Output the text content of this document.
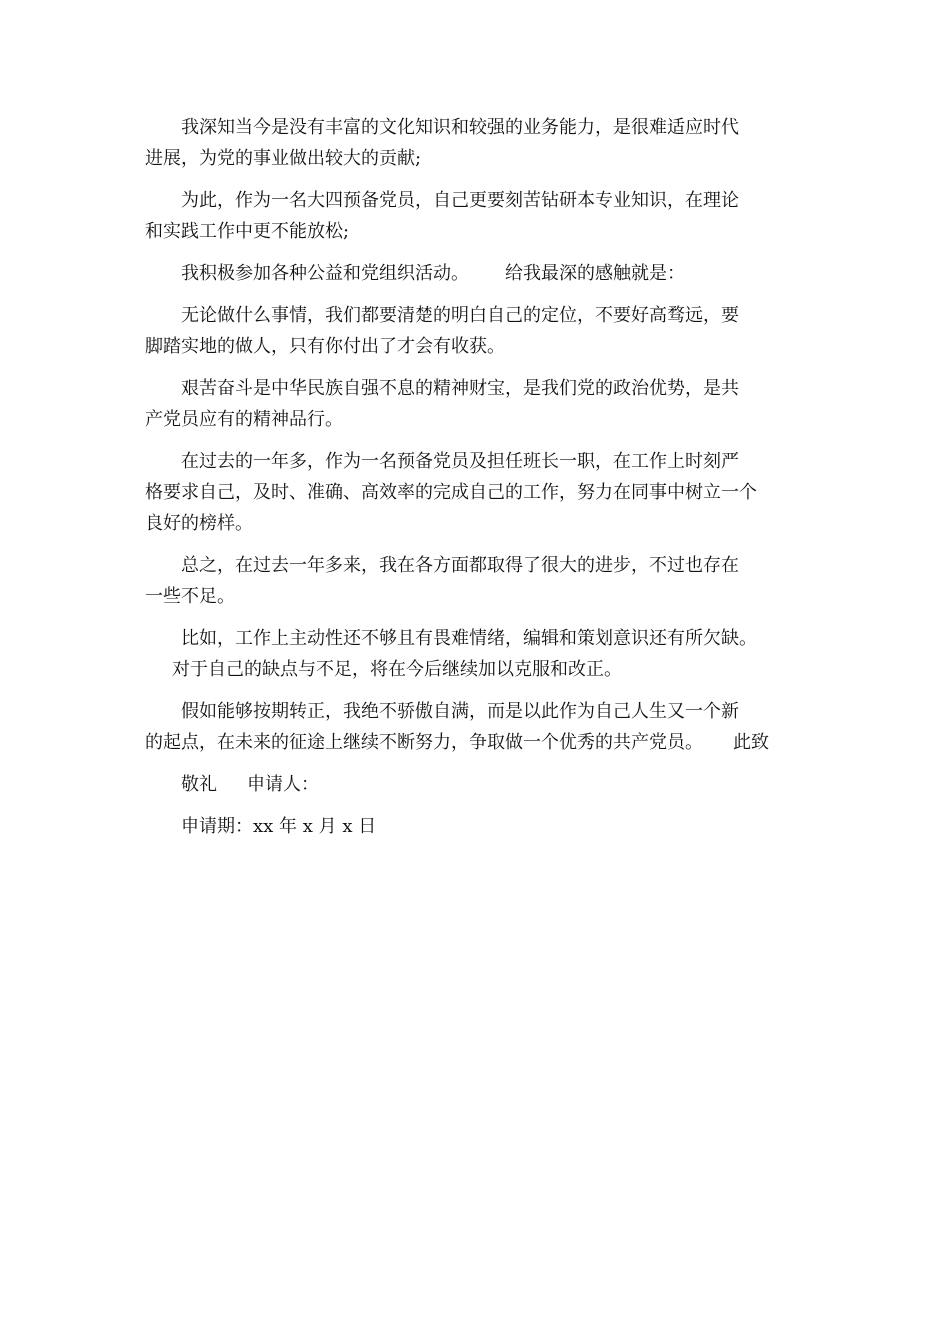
我深知当今是没有丰富的文化知识和较强的业务能力，是很难适应时代
进展，为党的事业做出较大的贡献;

为此，作为一名大四预备党员，自己更要刻苦钻研本专业知识，在理论
和实践工作中更不能放松;

我积极参加各种公益和党组织活动。 给我最深的感触就是：

无论做什么事情，我们都要清楚的明白自己的定位，不要好高骛远，要
脚踏实地的做人，只有你付出了才会有收获。

艰苦奋斗是中华民族自强不息的精神财宝，是我们党的政治优势，是共
产党员应有的精神品行。

在过去的一年多，作为一名预备党员及担任班长一职，在工作上时刻严
格要求自己，及时、准确、高效率的完成自己的工作，努力在同事中树立一个
良好的榜样。

总之，在过去一年多来，我在各方面都取得了很大的进步，不过也存在
一些不足。

比如，工作上主动性还不够且有畏难情绪，编辑和策划意识还有所欠缺。
对于自己的缺点与不足，将在今后继续加以克服和改正。

假如能够按期转正，我绝不骄傲自满，而是以此作为自己人生又一个新
的起点，在未来的征途上继续不断努力，争取做一个优秀的共产党员。 此致

敬礼 申请人：

申请期：xx 年 x 月 x 日
